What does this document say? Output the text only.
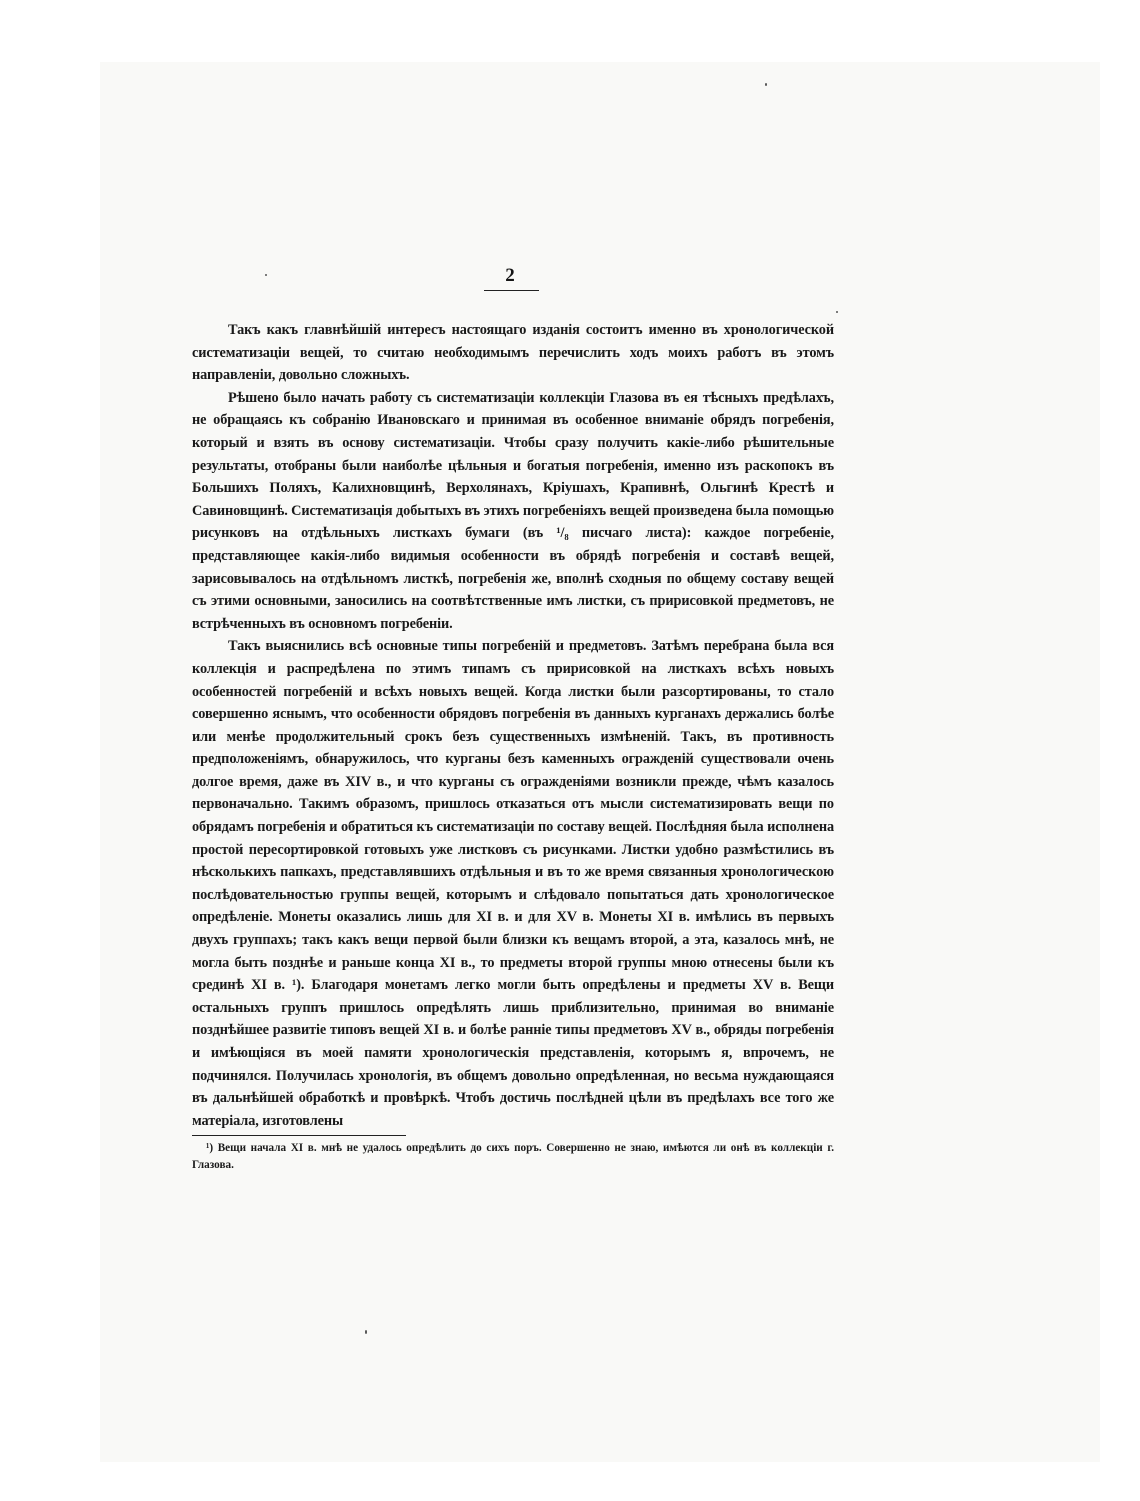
2

Такъ какъ главнѣйшій интересъ настоящаго изданія состоитъ именно въ хронологической систематизаціи вещей, то считаю необходимымъ перечислить ходъ моихъ работъ въ этомъ направленіи, довольно сложныхъ.

Рѣшено было начать работу съ систематизаціи коллекціи Глазова въ ея тѣсныхъ предѣлахъ, не обращаясь къ собранію Ивановскаго и принимая въ особенное вниманіе обрядъ погребенія, который и взять въ основу систематизаціи. Чтобы сразу получить какіе-либо рѣшительные результаты, отобраны были наиболѣе цѣльныя и богатыя погребенія, именно изъ раскопокъ въ Большихъ Поляхъ, Калихновщинѣ, Верхолянахъ, Кріушахъ, Крапивнѣ, Ольгинѣ Крестѣ и Савиновщинѣ. Систематизація добытыхъ въ этихъ погребеніяхъ вещей произведена была помощью рисунковъ на отдѣльныхъ листкахъ бумаги (въ ¹/₈ писчаго листа): каждое погребеніе, представляющее какія-либо видимыя особенности въ обрядѣ погребенія и составѣ вещей, зарисовывалось на отдѣльномъ листкѣ, погребенія же, вполнѣ сходныя по общему составу вещей съ этими основными, заносились на соотвѣтственные имъ листки, съ пририсовкой предметовъ, не встрѣченныхъ въ основномъ погребеніи.

Такъ выяснились всѣ основные типы погребеній и предметовъ. Затѣмъ перебрана была вся коллекція и распредѣлена по этимъ типамъ съ пририсовкой на листкахъ всѣхъ новыхъ особенностей погребеній и всѣхъ новыхъ вещей. Когда листки были разсортированы, то стало совершенно яснымъ, что особенности обрядовъ погребенія въ данныхъ курганахъ держались болѣе или менѣе продолжительный срокъ безъ существенныхъ измѣненій. Такъ, въ противность предположеніямъ, обнаружилось, что курганы безъ каменныхъ огражденій существовали очень долгое время, даже въ XIV в., и что курганы съ огражденіями возникли прежде, чѣмъ казалось первоначально. Такимъ образомъ, пришлось отказаться отъ мысли систематизировать вещи по обрядамъ погребенія и обратиться къ систематизаціи по составу вещей. Послѣдняя была исполнена простой пересортировкой готовыхъ уже листковъ съ рисунками. Листки удобно размѣстились въ нѣсколькихъ папкахъ, представлявшихъ отдѣльныя и въ то же время связанныя хронологическою послѣдовательностью группы вещей, которымъ и слѣдовало попытаться дать хронологическое опредѣленіе. Монеты оказались лишь для XI в. и для XV в. Монеты XI в. имѣлись въ первыхъ двухъ группахъ; такъ какъ вещи первой были близки къ вещамъ второй, а эта, казалось мнѣ, не могла быть позднѣе и раньше конца XI в., то предметы второй группы мною отнесены были къ срединѣ XI в. ¹). Благодаря монетамъ легко могли быть опредѣлены и предметы XV в. Вещи остальныхъ группъ пришлось опредѣлять лишь приблизительно, принимая во вниманіе позднѣйшее развитіе типовъ вещей XI в. и болѣе ранніе типы предметовъ XV в., обряды погребенія и имѣющіяся въ моей памяти хронологическія представленія, которымъ я, впрочемъ, не подчинялся. Получилась хронологія, въ общемъ довольно опредѣленная, но весьма нуждающаяся въ дальнѣйшей обработкѣ и провѣркѣ. Чтобъ достичь послѣдней цѣли въ предѣлахъ все того же матеріала, изготовлены

¹) Вещи начала XI в. мнѣ не удалось опредѣлить до сихъ поръ. Совершенно не знаю, имѣются ли онѣ въ коллекціи г. Глазова.
